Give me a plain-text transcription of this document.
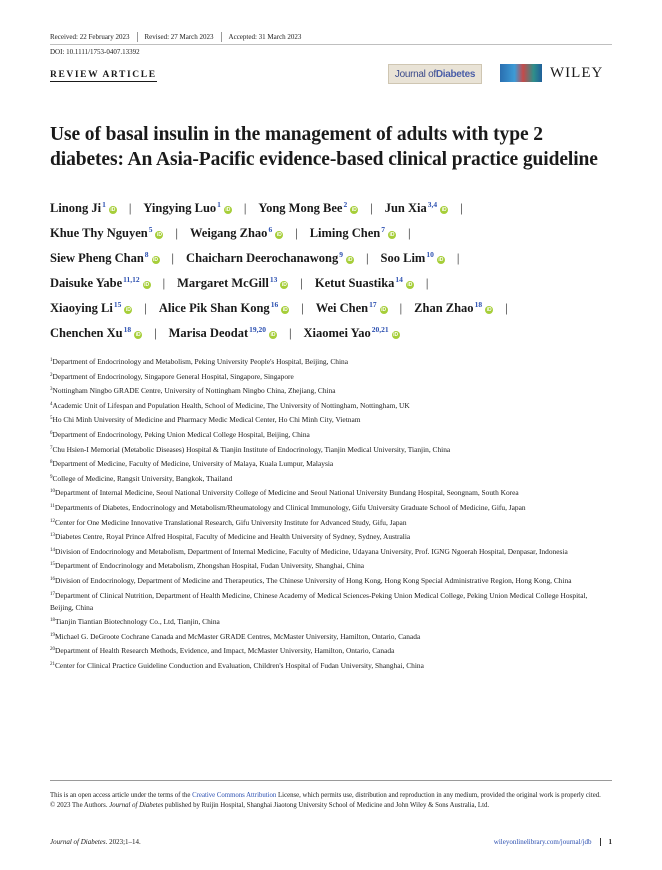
Received: 22 February 2023	Revised: 27 March 2023	Accepted: 31 March 2023
DOI: 10.1111/1753-0407.13392
REVIEW ARTICLE	Journal of Diabetes	WILEY
Use of basal insulin in the management of adults with type 2 diabetes: An Asia-Pacific evidence-based clinical practice guideline
Linong Ji$^1$iD | Yingying Luo$^1$iD | Yong Mong Bee$^2$iD | Jun Xia$^{3,4}$iD |
Khue Thy Nguyen$^5$iD | Weigang Zhao$^6$iD | Liming Chen$^7$iD |
Siew Pheng Chan$^8$iD | Chaicharn Deerochanawong$^9$iD | Soo Lim$^{10}$iD |
Daisuke Yabe$^{11,12}$iD | Margaret McGill$^{13}$iD | Ketut Suastika$^{14}$iD |
Xiaoying Li$^{15}$iD | Alice Pik Shan Kong$^{16}$iD | Wei Chen$^{17}$iD | Zhan Zhao$^{18}$iD |
Chenchen Xu$^{18}$iD | Marisa Deodat$^{19,20}$iD | Xiaomei Yao$^{20,21}$iD
$^1$Department of Endocrinology and Metabolism, Peking University People's Hospital, Beijing, China
$^2$Department of Endocrinology, Singapore General Hospital, Singapore, Singapore
$^3$Nottingham Ningbo GRADE Centre, University of Nottingham Ningbo China, Zhejiang, China
$^4$Academic Unit of Lifespan and Population Health, School of Medicine, The University of Nottingham, Nottingham, UK
$^5$Ho Chi Minh University of Medicine and Pharmacy Medic Medical Center, Ho Chi Minh City, Vietnam
$^6$Department of Endocrinology, Peking Union Medical College Hospital, Beijing, China
$^7$Chu Hsien-I Memorial (Metabolic Diseases) Hospital & Tianjin Institute of Endocrinology, Tianjin Medical University, Tianjin, China
$^8$Department of Medicine, Faculty of Medicine, University of Malaya, Kuala Lumpur, Malaysia
$^9$College of Medicine, Rangsit University, Bangkok, Thailand
$^{10}$Department of Internal Medicine, Seoul National University College of Medicine and Seoul National University Bundang Hospital, Seongnam, South Korea
$^{11}$Departments of Diabetes, Endocrinology and Metabolism/Rheumatology and Clinical Immunology, Gifu University Graduate School of Medicine, Gifu, Japan
$^{12}$Center for One Medicine Innovative Translational Research, Gifu University Institute for Advanced Study, Gifu, Japan
$^{13}$Diabetes Centre, Royal Prince Alfred Hospital, Faculty of Medicine and Health University of Sydney, Sydney, Australia
$^{14}$Division of Endocrinology and Metabolism, Department of Internal Medicine, Faculty of Medicine, Udayana University, Prof. IGNG Ngoerah Hospital, Denpasar, Indonesia
$^{15}$Department of Endocrinology and Metabolism, Zhongshan Hospital, Fudan University, Shanghai, China
$^{16}$Division of Endocrinology, Department of Medicine and Therapeutics, The Chinese University of Hong Kong, Hong Kong Special Administrative Region, Hong Kong, China
$^{17}$Department of Clinical Nutrition, Department of Health Medicine, Chinese Academy of Medical Sciences-Peking Union Medical College, Peking Union Medical College Hospital, Beijing, China
$^{18}$Tianjin Tiantian Biotechnology Co., Ltd, Tianjin, China
$^{19}$Michael G. DeGroote Cochrane Canada and McMaster GRADE Centres, McMaster University, Hamilton, Ontario, Canada
$^{20}$Department of Health Research Methods, Evidence, and Impact, McMaster University, Hamilton, Ontario, Canada
$^{21}$Center for Clinical Practice Guideline Conduction and Evaluation, Children's Hospital of Fudan University, Shanghai, China
This is an open access article under the terms of the Creative Commons Attribution License, which permits use, distribution and reproduction in any medium, provided the original work is properly cited.
© 2023 The Authors. Journal of Diabetes published by Ruijin Hospital, Shanghai Jiaotong University School of Medicine and John Wiley & Sons Australia, Ltd.
Journal of Diabetes. 2023;1–14.	wileyonlinelibrary.com/journal/jdb	1
